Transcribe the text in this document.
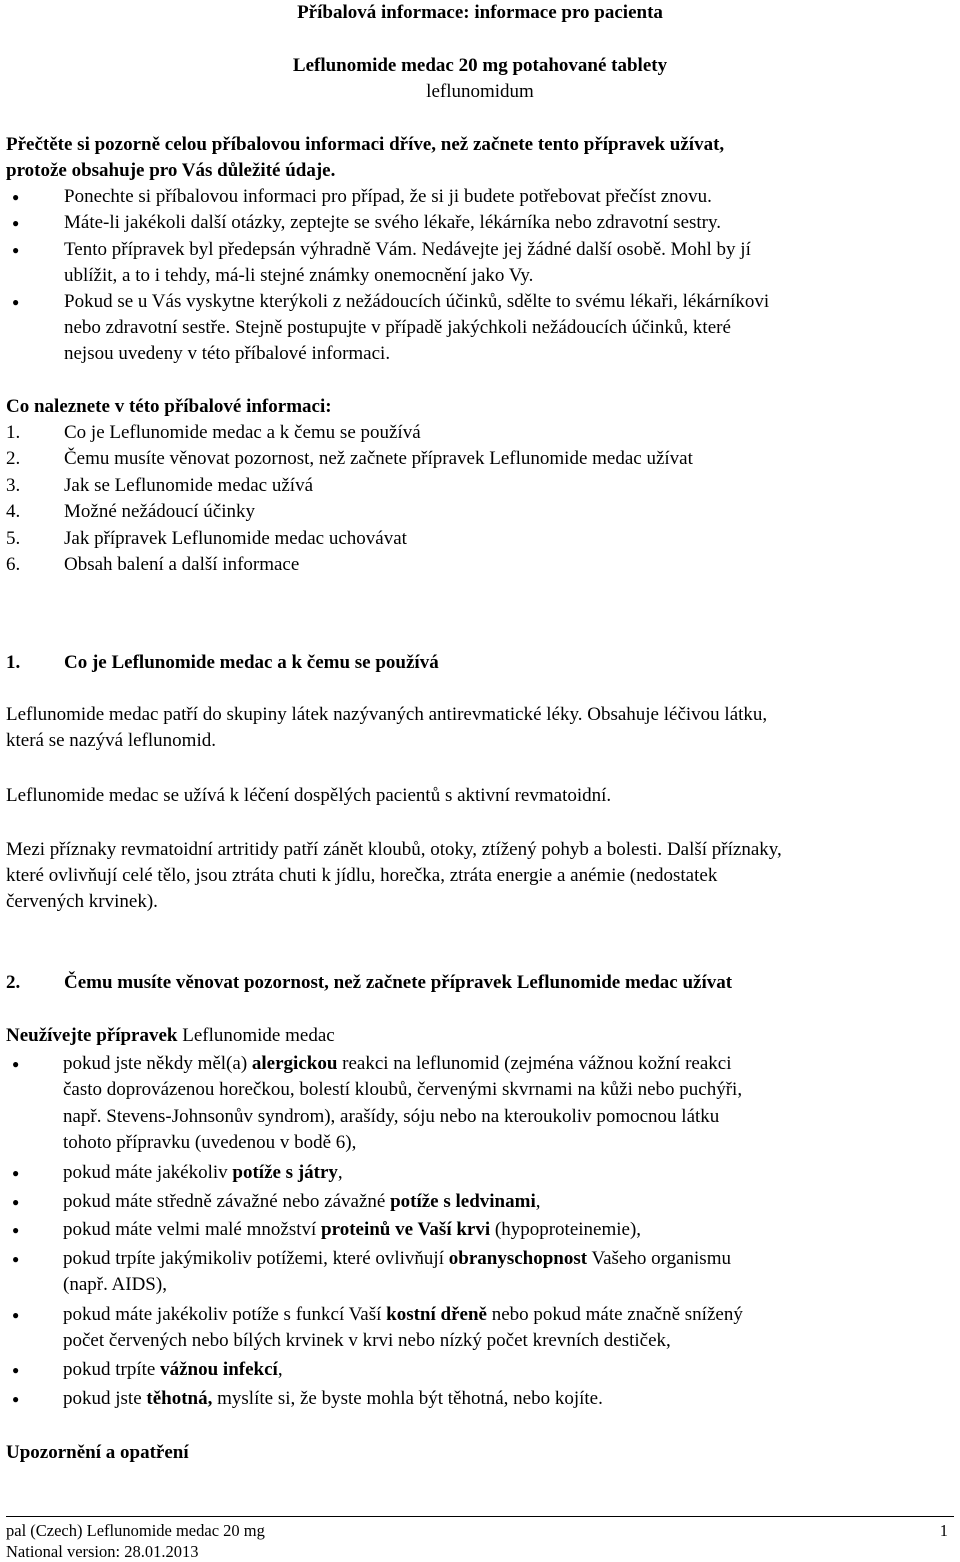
Příbalová informace: informace pro pacienta
Leflunomide medac 20 mg potahované tablety
leflunomidum
Přečtěte si pozorně celou příbalovou informaci dříve, než začnete tento přípravek užívat,
protože obsahuje pro Vás důležité údaje.
● Ponechte si příbalovou informaci pro případ, že si ji budete potřebovat přečíst znovu.
● Máte-li jakékoli další otázky, zeptejte se svého lékaře, lékárníka nebo zdravotní sestry.
● Tento přípravek byl předepsán výhradně Vám. Nedávejte jej žádné další osobě. Mohl by jí
ublížit, a to i tehdy, má-li stejné známky onemocnění jako Vy.
● Pokud se u Vás vyskytne kterýkoli z nežádoucích účinků, sdělte to svému lékaři, lékárníkovi
nebo zdravotní sestře. Stejně postupujte v případě jakýchkoli nežádoucích účinků, které
nejsou uvedeny v této příbalové informaci.
Co naleznete v této příbalové informaci:
1. Co je Leflunomide medac a k čemu se používá
2. Čemu musíte věnovat pozornost, než začnete přípravek Leflunomide medac užívat
3. Jak se Leflunomide medac užívá
4. Možné nežádoucí účinky
5. Jak přípravek Leflunomide medac uchovávat
6. Obsah balení a další informace
1. Co je Leflunomide medac a k čemu se používá
Leflunomide medac patří do skupiny látek nazývaných antirevmatické léky. Obsahuje léčivou látku,
která se nazývá leflunomid.
Leflunomide medac se užívá k léčení dospělých pacientů s aktivní revmatoidní.
Mezi příznaky revmatoidní artritidy patří zánět kloubů, otoky, ztížený pohyb a bolesti. Další příznaky,
které ovlivňují celé tělo, jsou ztráta chuti k jídlu, horečka, ztráta energie a anémie (nedostatek
červených krvinek).
2. Čemu musíte věnovat pozornost, než začnete přípravek Leflunomide medac užívat
Neužívejte přípravek Leflunomide medac
● pokud jste někdy měl(a) alergickou reakci na leflunomid (zejména vážnou kožní reakci
často doprovázenou horečkou, bolestí kloubů, červenými skvrnami na kůži nebo puchýři,
např. Stevens-Johnsonův syndrom), arašídy, sóju nebo na kteroukoliv pomocnou látku
tohoto přípravku (uvedenou v bodě 6),
● pokud máte jakékoliv potíže s játry,
● pokud máte středně závažné nebo závažné potíže s ledvinami,
● pokud máte velmi malé množství proteinů ve Vaší krvi (hypoproteinemie),
● pokud trpíte jakýmikoliv potížemi, které ovlivňují obranyschopnost Vašeho organismu
(např. AIDS),
● pokud máte jakékoliv potíže s funkcí Vaší kostní dřeně nebo pokud máte značně snížený
počet červených nebo bílých krvinek v krvi nebo nízký počet krevních destiček,
● pokud trpíte vážnou infekcí,
● pokud jste těhotná, myslíte si, že byste mohla být těhotná, nebo kojíte.
Upozornění a opatření
pal (Czech) Leflunomide medac 20 mg	1
National version: 28.01.2013
